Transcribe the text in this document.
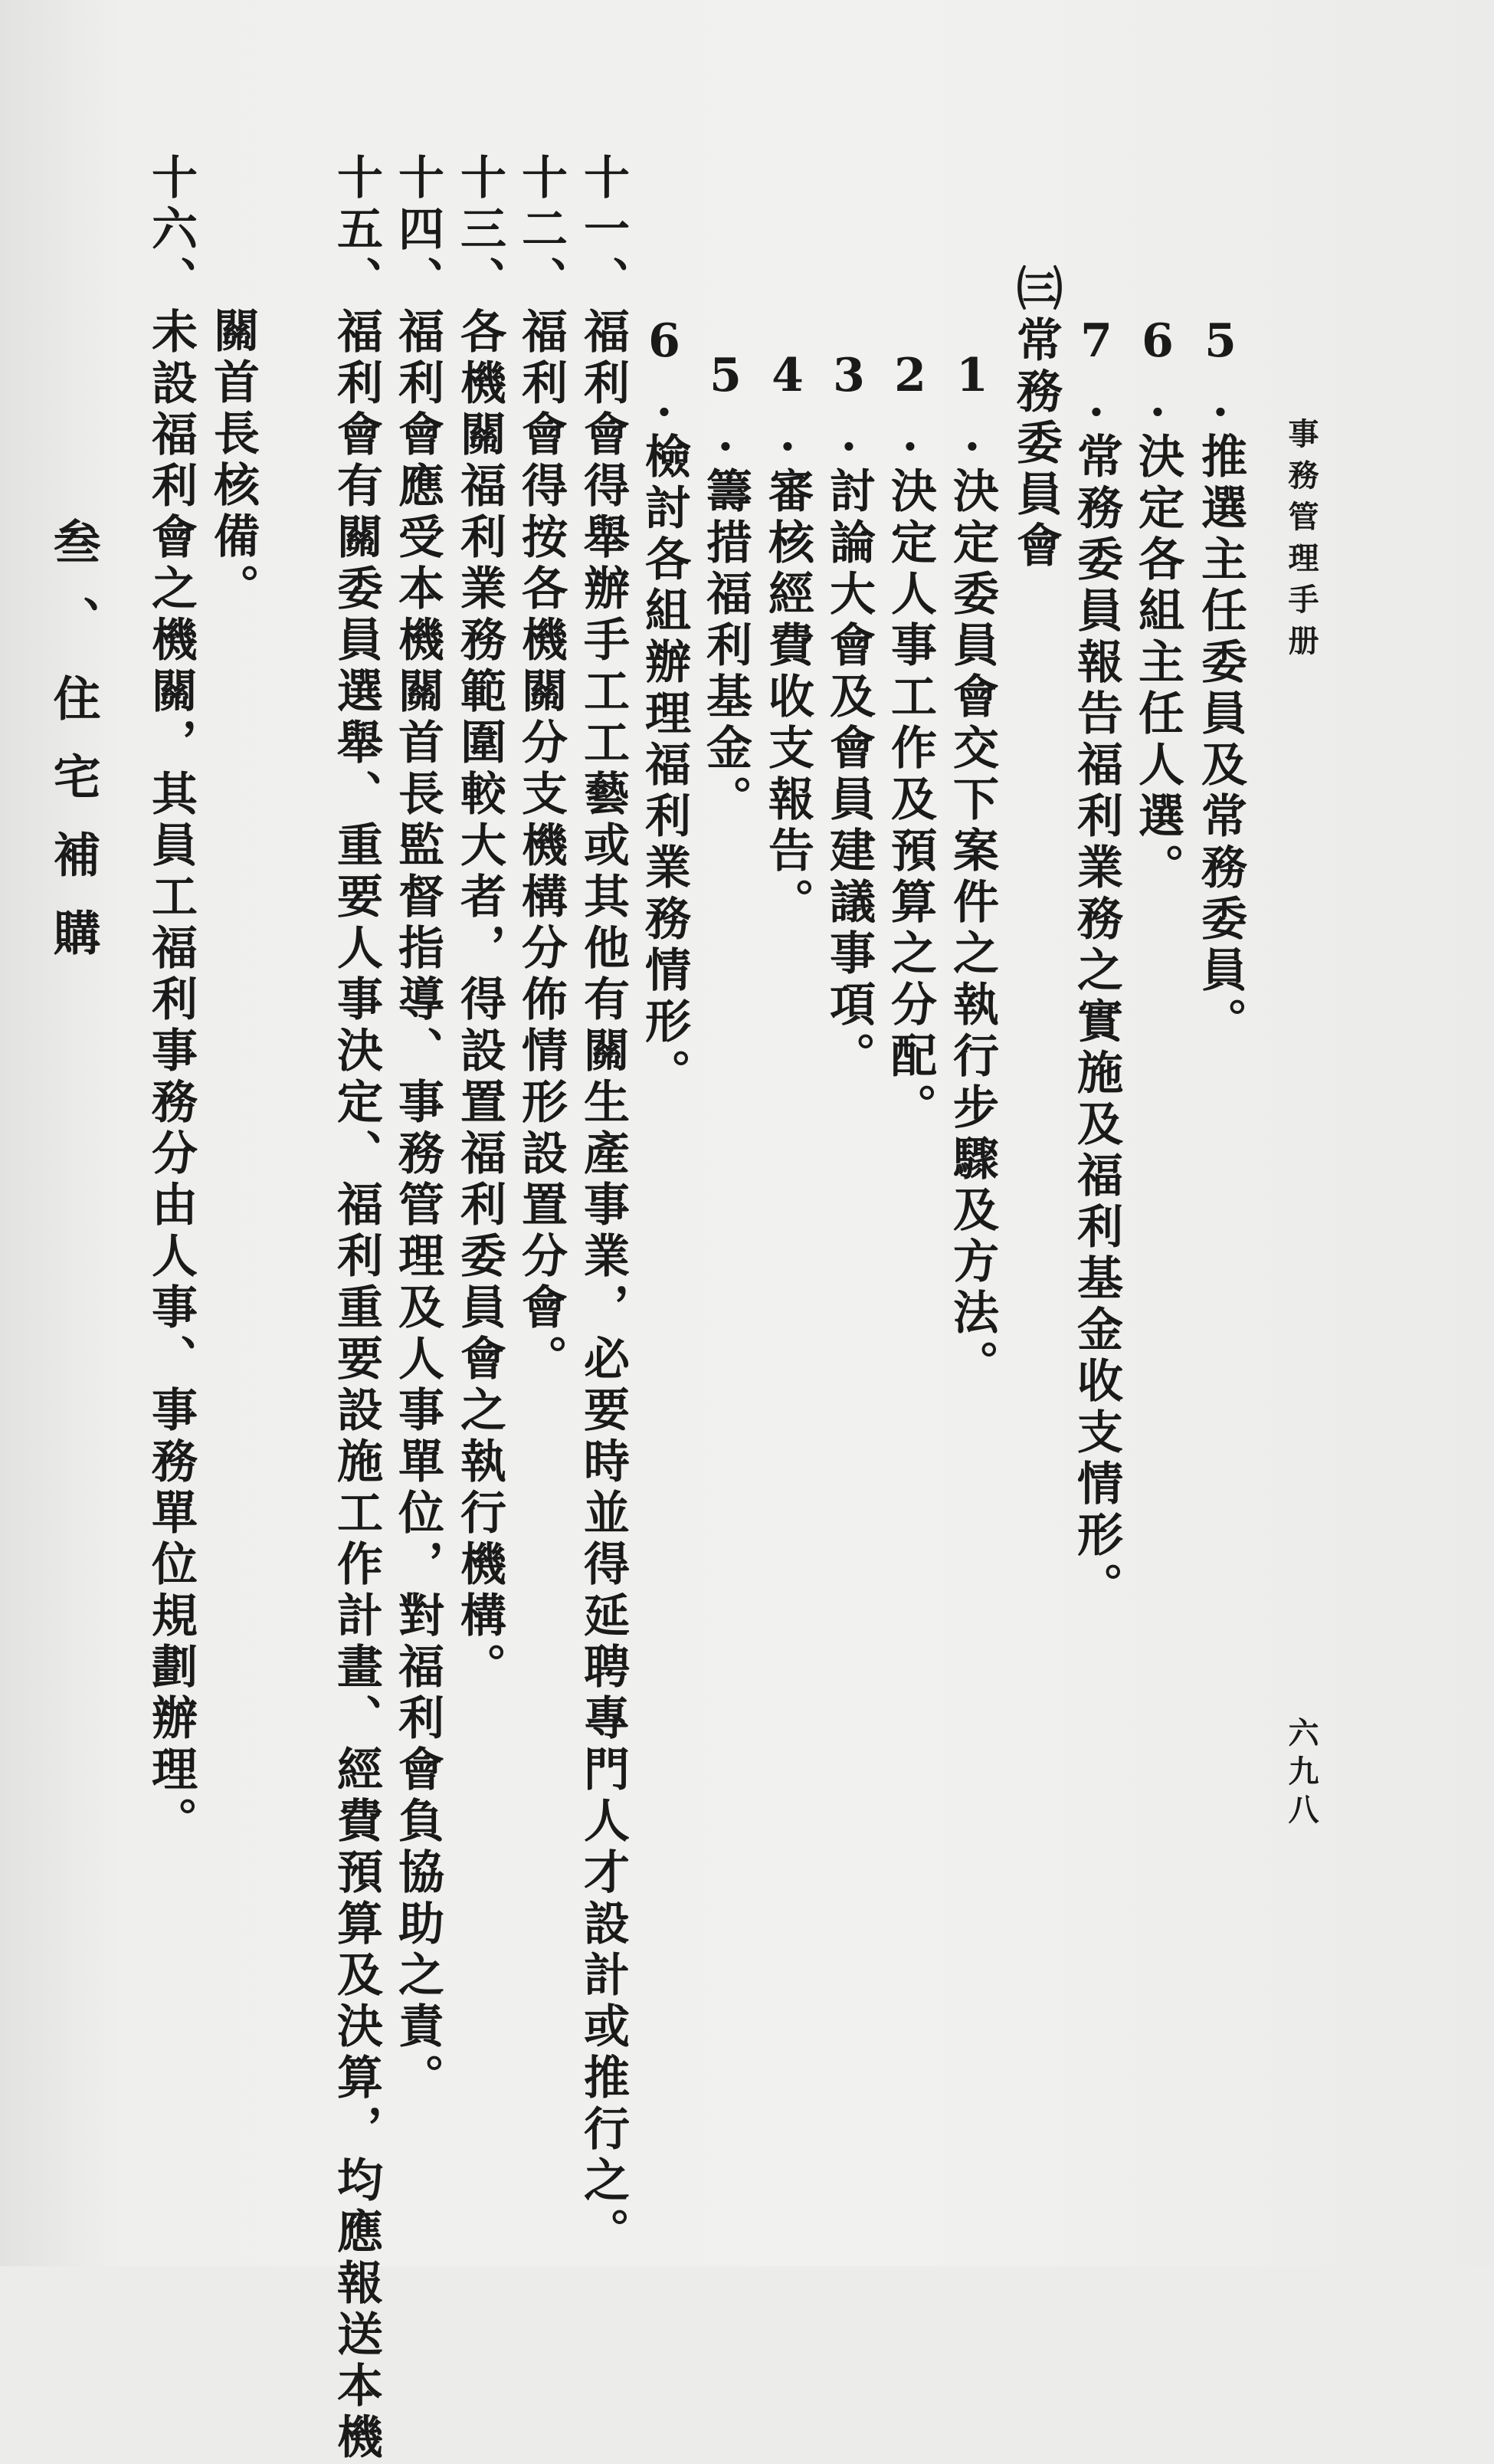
事務管理手册
六九八
5.推選主任委員及常務委員。
6.決定各組主任人選。
7.常務委員報告福利業務之實施及福利基金收支情形。
㈢常務委員會
1.決定委員會交下案件之執行步驟及方法。
2.決定人事工作及預算之分配。
3.討論大會及會員建議事項。
4.審核經費收支報告。
5.籌措福利基金。
6.檢討各組辦理福利業務情形。
十一、福利會得舉辦手工工藝或其他有關生產事業，必要時並得延聘專門人才設計或推行之。
十二、福利會得按各機關分支機構分佈情形設置分會。
十三、各機關福利業務範圍較大者，得設置福利委員會之執行機構。
十四、福利會應受本機關首長監督指導、事務管理及人事單位，對福利會負協助之責。
十五、福利會有關委員選舉、重要人事決定、福利重要設施工作計畫、經費預算及決算，均應報送本機
關首長核備。
十六、未設福利會之機關，其員工福利事務分由人事、事務單位規劃辦理。
叁、住宅補購
